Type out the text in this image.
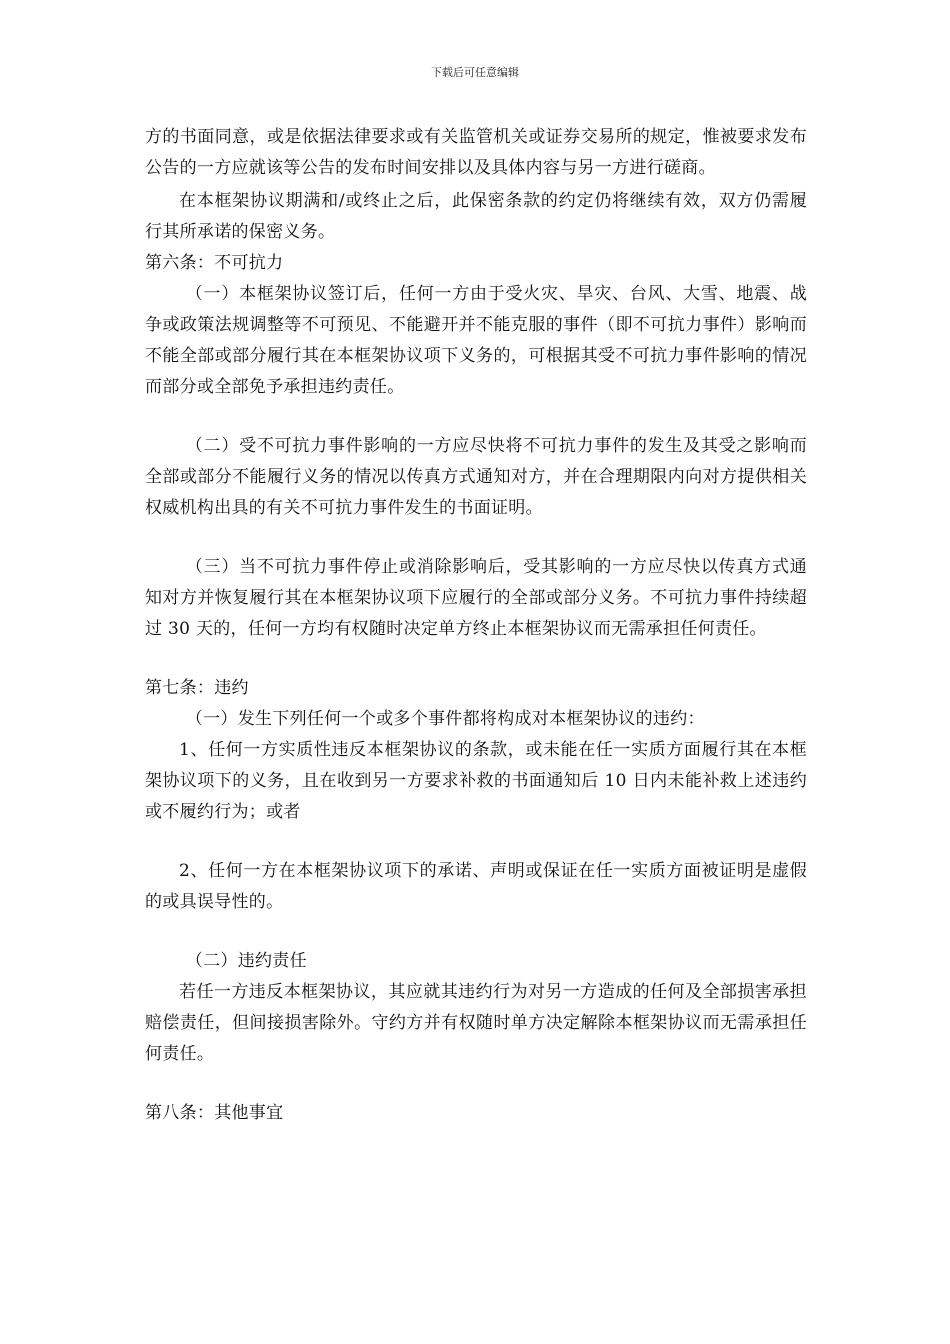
下载后可任意编辑

方的书面同意，或是依据法律要求或有关监管机关或证券交易所的规定，惟被要求发布公告的一方应就该等公告的发布时间安排以及具体内容与另一方进行磋商。

在本框架协议期满和/或终止之后，此保密条款的约定仍将继续有效，双方仍需履行其所承诺的保密义务。

第六条：不可抗力

（一）本框架协议签订后，任何一方由于受火灾、旱灾、台风、大雪、地震、战争或政策法规调整等不可预见、不能避开并不能克服的事件（即不可抗力事件）影响而不能全部或部分履行其在本框架协议项下义务的，可根据其受不可抗力事件影响的情况而部分或全部免予承担违约责任。

（二）受不可抗力事件影响的一方应尽快将不可抗力事件的发生及其受之影响而全部或部分不能履行义务的情况以传真方式通知对方，并在合理期限内向对方提供相关权威机构出具的有关不可抗力事件发生的书面证明。

（三）当不可抗力事件停止或消除影响后，受其影响的一方应尽快以传真方式通知对方并恢复履行其在本框架协议项下应履行的全部或部分义务。不可抗力事件持续超过 30 天的，任何一方均有权随时决定单方终止本框架协议而无需承担任何责任。

第七条：违约

（一）发生下列任何一个或多个事件都将构成对本框架协议的违约：

1、任何一方实质性违反本框架协议的条款，或未能在任一实质方面履行其在本框架协议项下的义务，且在收到另一方要求补救的书面通知后 10 日内未能补救上述违约或不履约行为；或者

2、任何一方在本框架协议项下的承诺、声明或保证在任一实质方面被证明是虚假的或具误导性的。

（二）违约责任

若任一方违反本框架协议，其应就其违约行为对另一方造成的任何及全部损害承担赔偿责任，但间接损害除外。守约方并有权随时单方决定解除本框架协议而无需承担任何责任。

第八条：其他事宜
